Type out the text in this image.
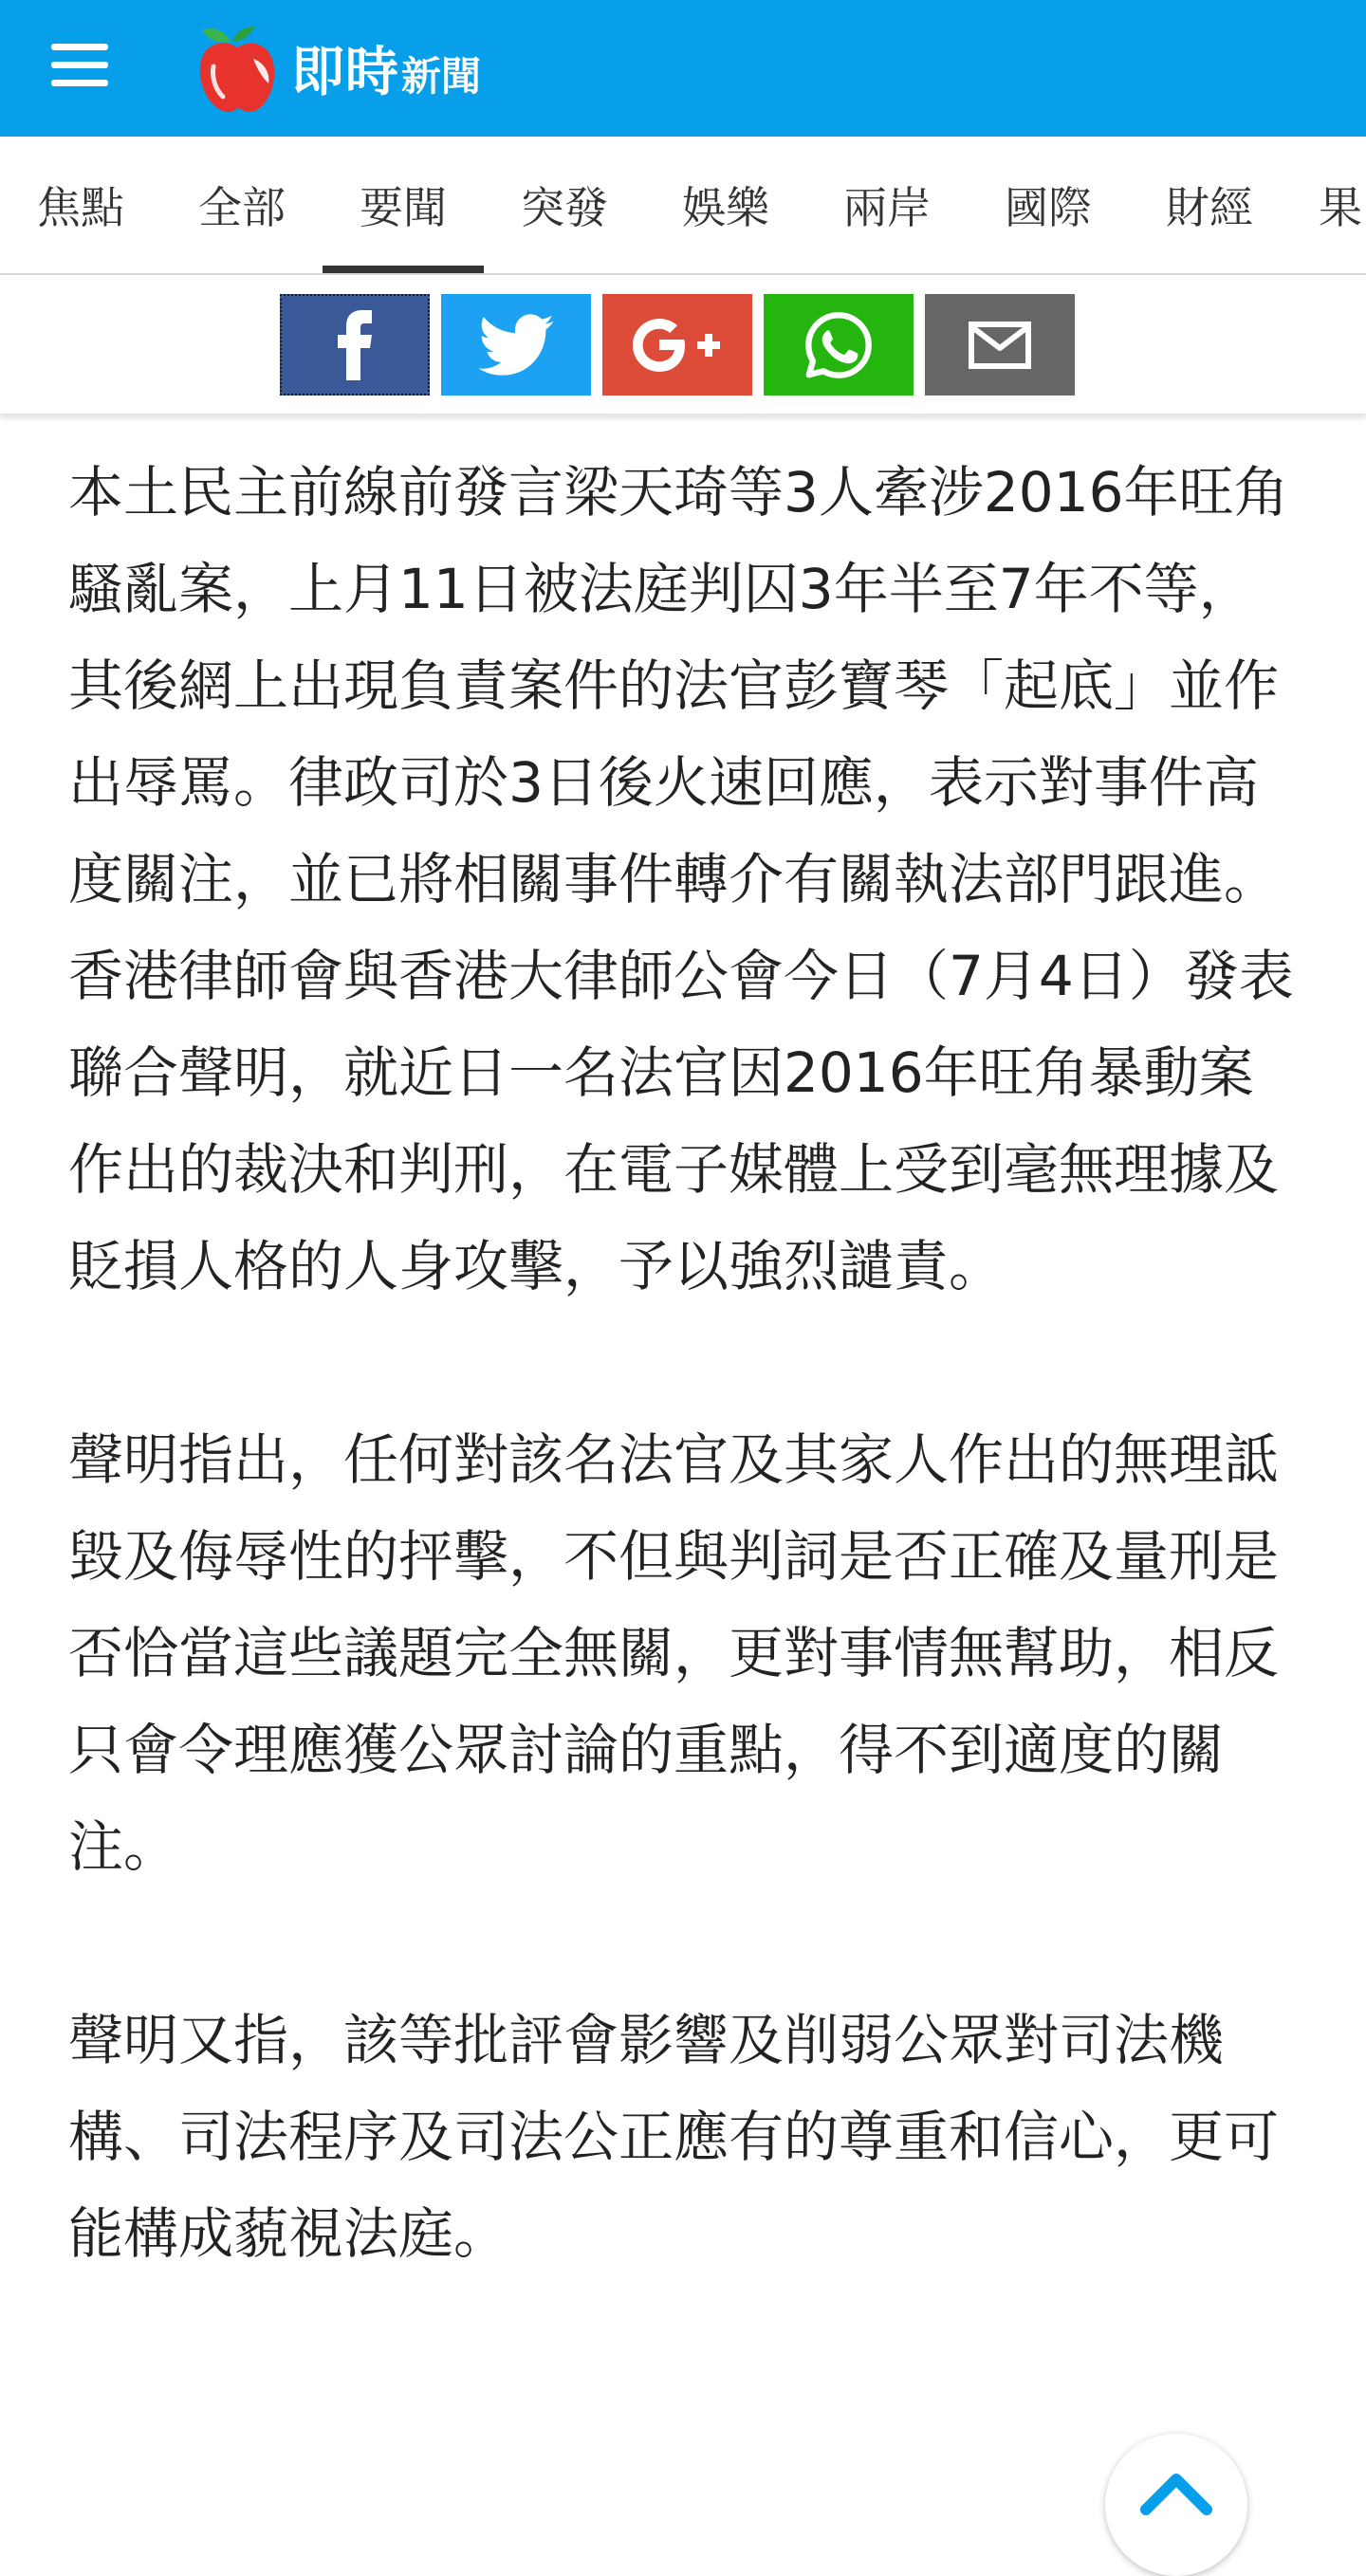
即時 新聞
焦點 全部 要聞 突發 娛樂 兩岸 國際 財經 果

本土民主前線前發言梁天琦等3人牽涉2016年旺角騷亂案，上月11日被法庭判囚3年半至7年不等，其後網上出現負責案件的法官彭寶琴「起底」並作出辱罵。律政司於3日後火速回應，表示對事件高度關注，並已將相關事件轉介有關執法部門跟進。香港律師會與香港大律師公會今日（7月4日）發表聯合聲明，就近日一名法官因2016年旺角暴動案作出的裁決和判刑，在電子媒體上受到毫無理據及貶損人格的人身攻擊，予以強烈譴責。

聲明指出，任何對該名法官及其家人作出的無理詆毀及侮辱性的抨擊，不但與判詞是否正確及量刑是否恰當這些議題完全無關，更對事情無幫助，相反只會令理應獲公眾討論的重點，得不到適度的關注。

聲明又指，該等批評會影響及削弱公眾對司法機構、司法程序及司法公正應有的尊重和信心，更可能構成藐視法庭。
